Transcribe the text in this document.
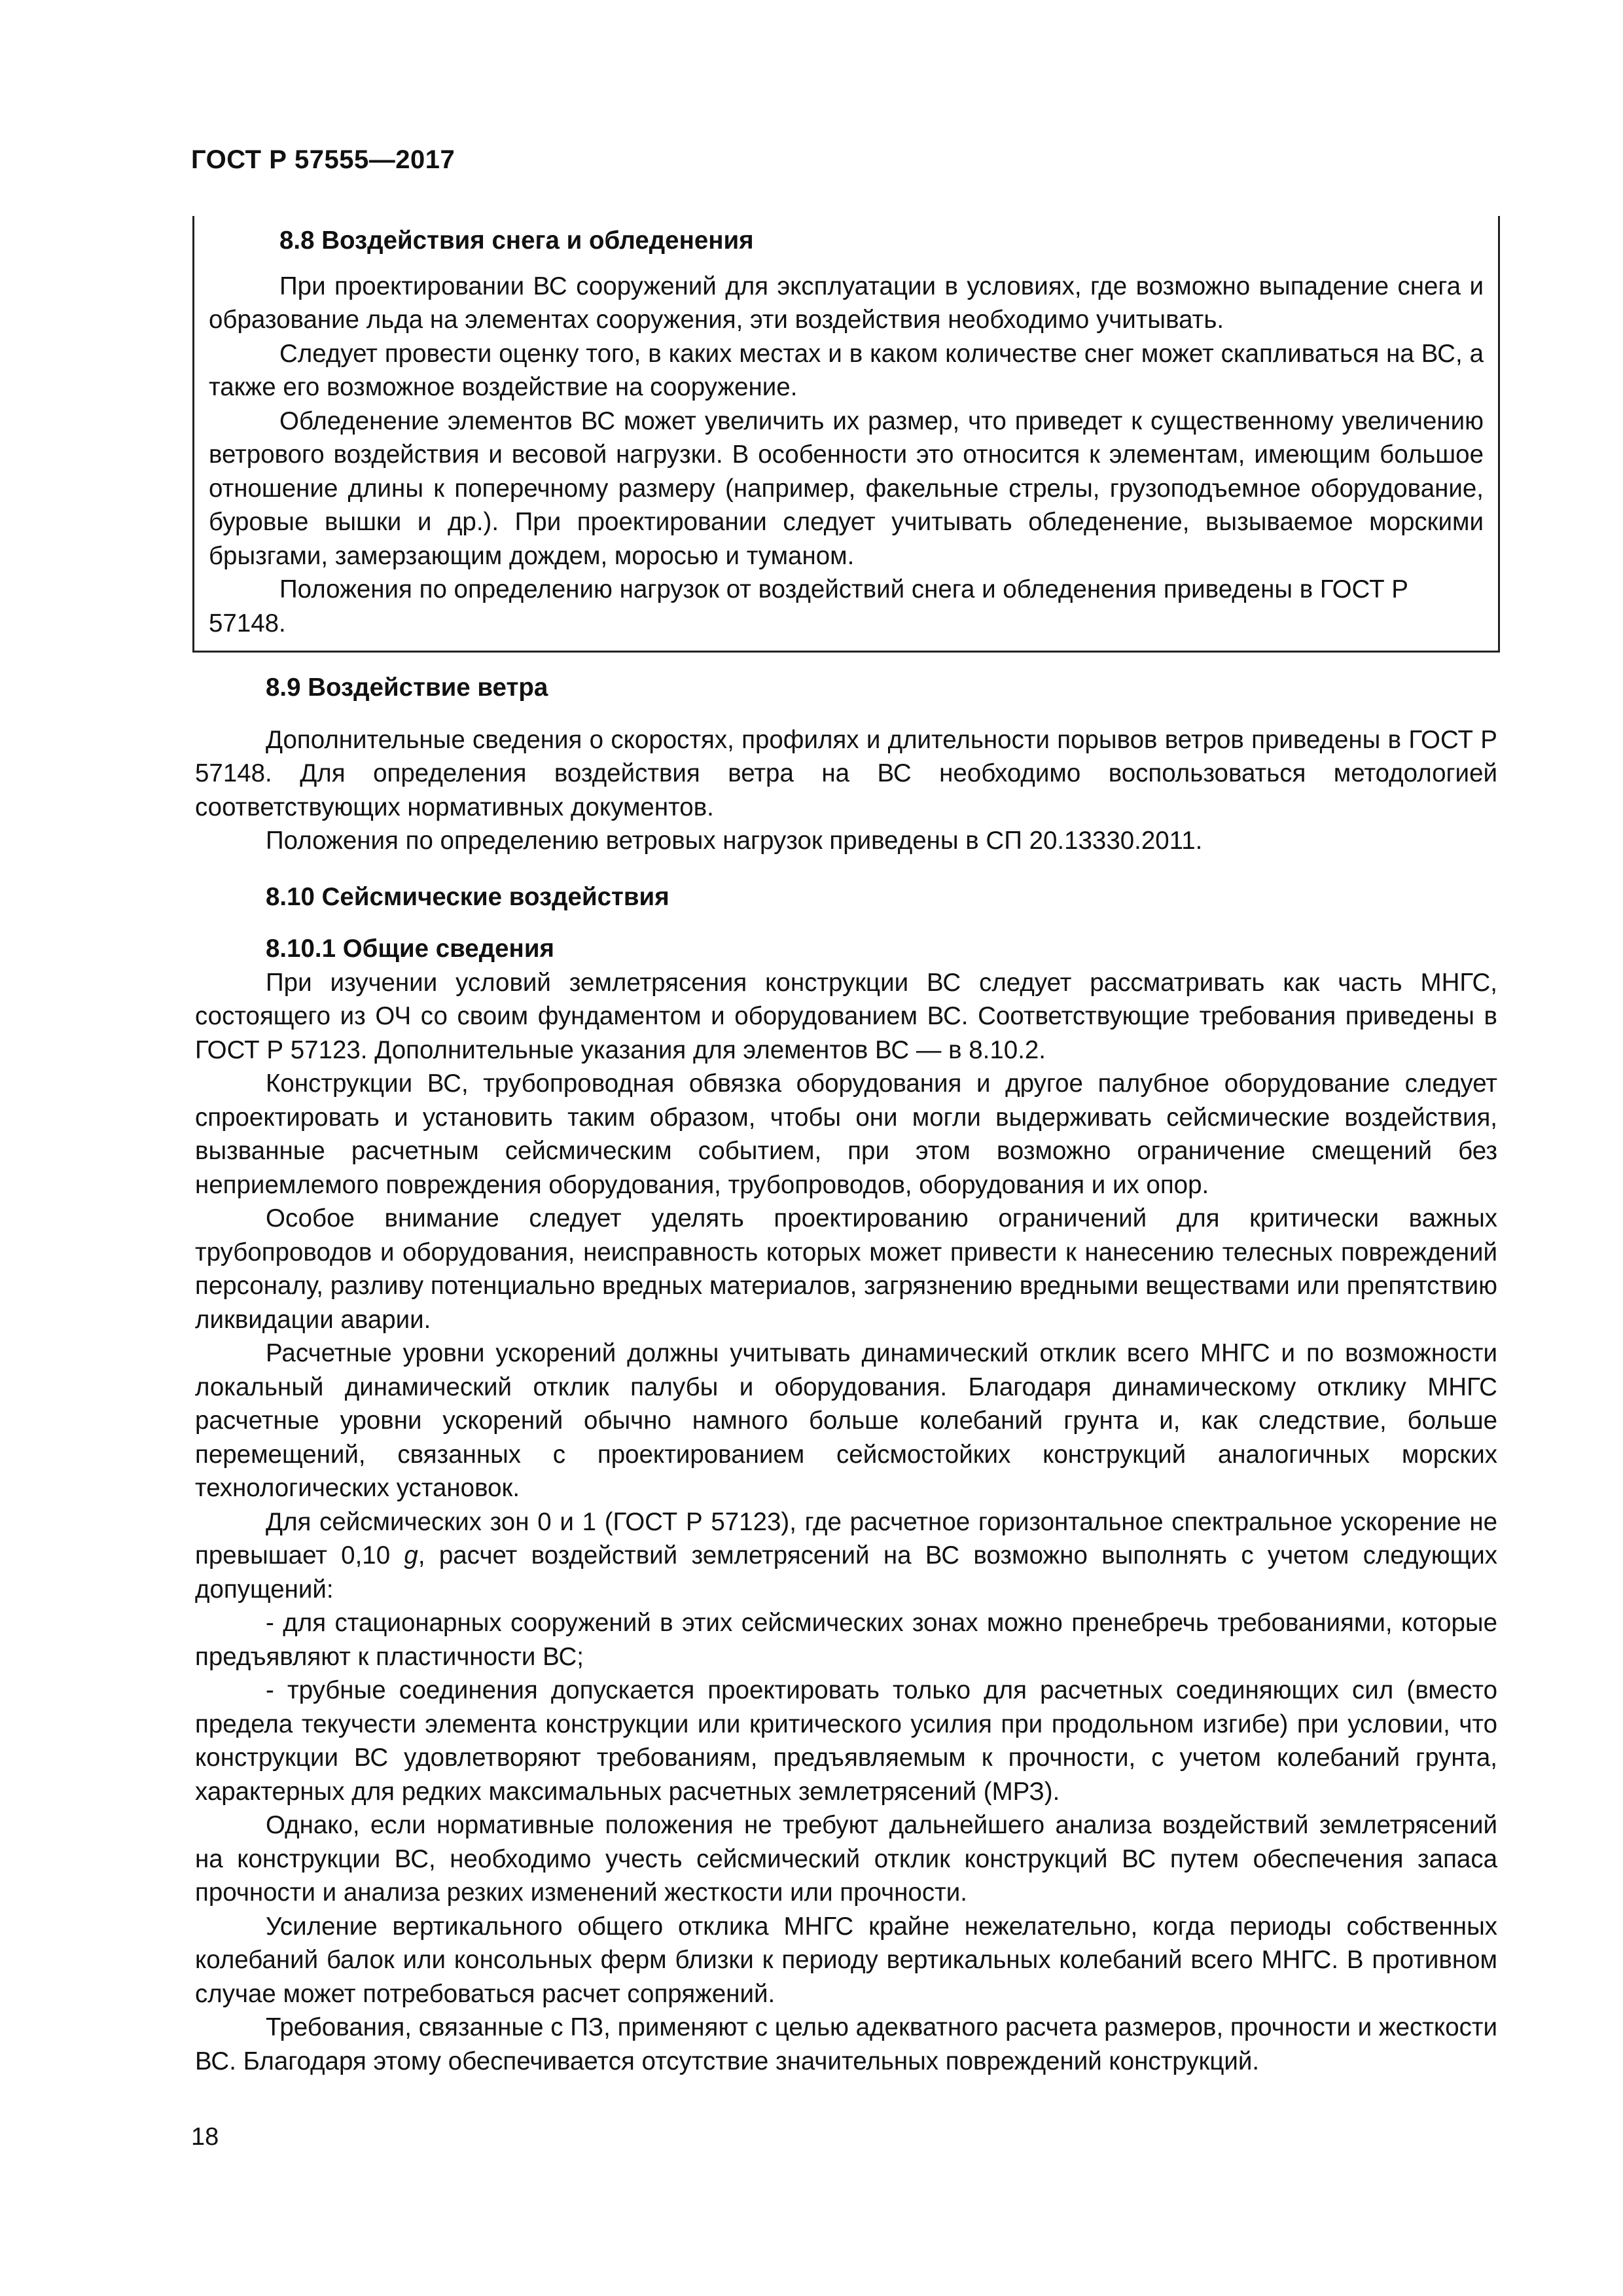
ГОСТ Р 57555—2017
8.8 Воздействия снега и обледенения

При проектировании ВС сооружений для эксплуатации в условиях, где возможно выпадение снега и образование льда на элементах сооружения, эти воздействия необходимо учитывать.

Следует провести оценку того, в каких местах и в каком количестве снег может скапливаться на ВС, а также его возможное воздействие на сооружение.

Обледенение элементов ВС может увеличить их размер, что приведет к существенному увеличению ветрового воздействия и весовой нагрузки. В особенности это относится к элементам, имеющим большое отношение длины к поперечному размеру (например, факельные стрелы, грузоподъемное оборудование, буровые вышки и др.). При проектировании следует учитывать обледенение, вызываемое морскими брызгами, замерзающим дождем, моросью и туманом.

Положения по определению нагрузок от воздействий снега и обледенения приведены в ГОСТ Р 57148.

8.9 Воздействие ветра

Дополнительные сведения о скоростях, профилях и длительности порывов ветров приведены в ГОСТ Р 57148. Для определения воздействия ветра на ВС необходимо воспользоваться методологией соответствующих нормативных документов.

Положения по определению ветровых нагрузок приведены в СП 20.13330.2011.

8.10 Сейсмические воздействия
8.10.1 Общие сведения

При изучении условий землетрясения конструкции ВС следует рассматривать как часть МНГС, состоящего из ОЧ со своим фундаментом и оборудованием ВС. Соответствующие требования приведены в ГОСТ Р 57123. Дополнительные указания для элементов ВС — в 8.10.2.

Конструкции ВС, трубопроводная обвязка оборудования и другое палубное оборудование следует спроектировать и установить таким образом, чтобы они могли выдерживать сейсмические воздействия, вызванные расчетным сейсмическим событием, при этом возможно ограничение смещений без неприемлемого повреждения оборудования, трубопроводов, оборудования и их опор.

Особое внимание следует уделять проектированию ограничений для критически важных трубопроводов и оборудования, неисправность которых может привести к нанесению телесных повреждений персоналу, разливу потенциально вредных материалов, загрязнению вредными веществами или препятствию ликвидации аварии.

Расчетные уровни ускорений должны учитывать динамический отклик всего МНГС и по возможности локальный динамический отклик палубы и оборудования. Благодаря динамическому отклику МНГС расчетные уровни ускорений обычно намного больше колебаний грунта и, как следствие, больше перемещений, связанных с проектированием сейсмостойких конструкций аналогичных морских технологических установок.

Для сейсмических зон 0 и 1 (ГОСТ Р 57123), где расчетное горизонтальное спектральное ускорение не превышает 0,10 g, расчет воздействий землетрясений на ВС возможно выполнять с учетом следующих допущений:

- для стационарных сооружений в этих сейсмических зонах можно пренебречь требованиями, которые предъявляют к пластичности ВС;

- трубные соединения допускается проектировать только для расчетных соединяющих сил (вместо предела текучести элемента конструкции или критического усилия при продольном изгибе) при условии, что конструкции ВС удовлетворяют требованиям, предъявляемым к прочности, с учетом колебаний грунта, характерных для редких максимальных расчетных землетрясений (МРЗ).

Однако, если нормативные положения не требуют дальнейшего анализа воздействий землетрясений на конструкции ВС, необходимо учесть сейсмический отклик конструкций ВС путем обеспечения запаса прочности и анализа резких изменений жесткости или прочности.

Усиление вертикального общего отклика МНГС крайне нежелательно, когда периоды собственных колебаний балок или консольных ферм близки к периоду вертикальных колебаний всего МНГС. В противном случае может потребоваться расчет сопряжений.

Требования, связанные с ПЗ, применяют с целью адекватного расчета размеров, прочности и жесткости ВС. Благодаря этому обеспечивается отсутствие значительных повреждений конструкций.

18
